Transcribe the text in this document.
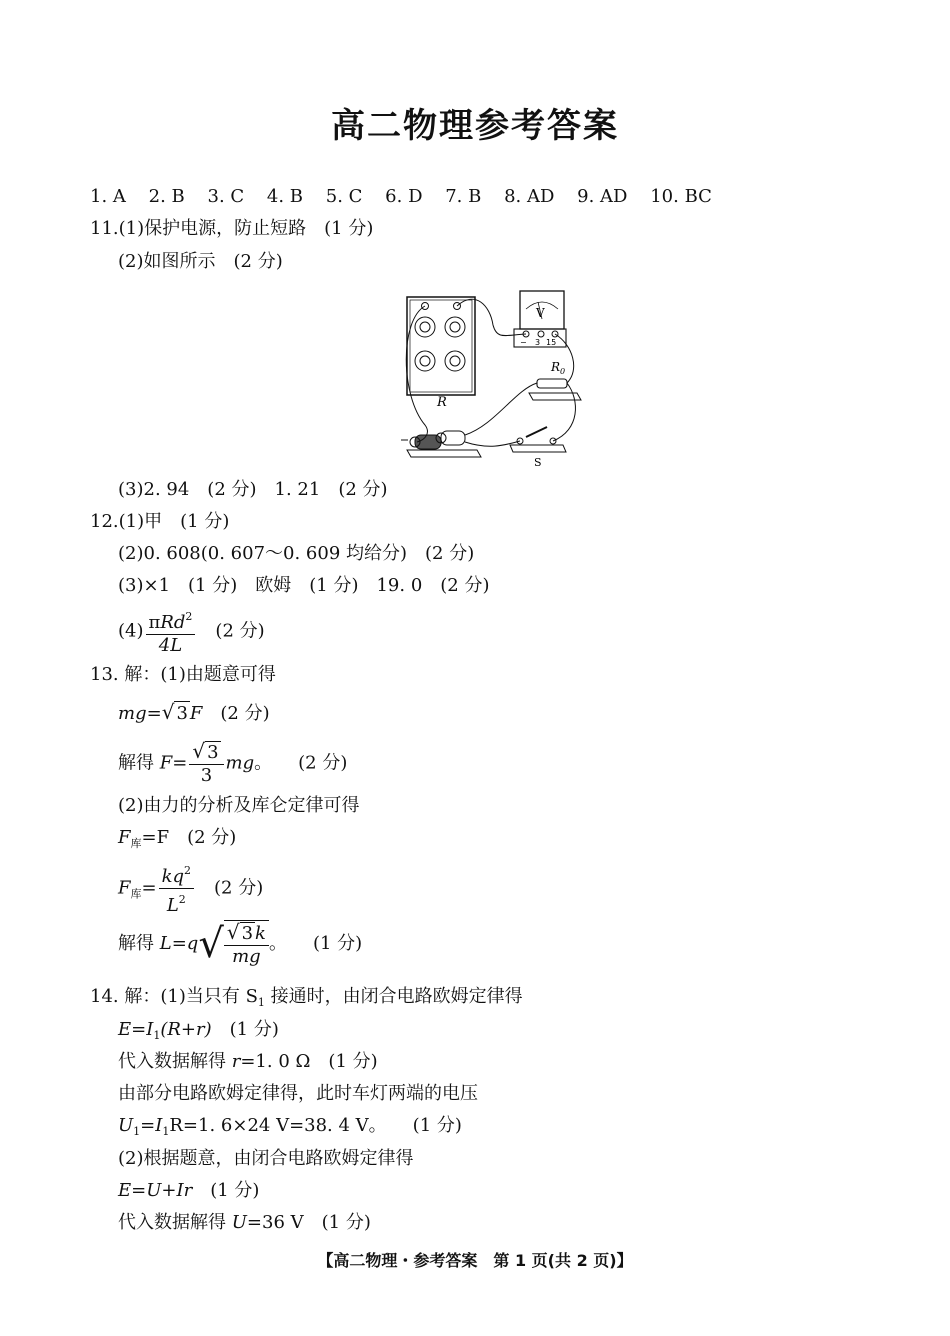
高二物理参考答案
1. A 2. B 3. C 4. B 5. C 6. D 7. B 8. AD 9. AD 10. BC
11.(1)保护电源，防止短路 (1 分)
(2)如图所示 (2 分)
R
V
− 3 15
$R_0$
S
(3)2. 94 (2 分) 1. 21 (2 分)
12.(1)甲 (1 分)
(2)0. 608(0. 607～0. 609 均给分) (2 分)
(3)×1 (1 分) 欧姆 (1 分) 19. 0 (2 分)
$(4) \frac{\pi Rd^2}{4L} (2$ 分)
13. 解：(1)由题意可得
mg=√ 3 F (2 分)
解得 $F= \frac{√ 3}{3}$ mg。 (2 分)
(2)由力的分析及库仑定律可得
$F_库=F$ (2 分)
$F_库= \frac{kq^2}{L^2} (2$ 分)
解得 $L=q√ \frac{√ 3 k}{mg}$ 。 (1 分)
14. 解：(1)当只有 $S_1$ 接通时，由闭合电路欧姆定律得
$E=I_1(R+r)$ (1 分)
代入数据解得 r=1. 0 Ω (1 分)
由部分电路欧姆定律得，此时车灯两端的电压
$U_1=I_1R=1$. 6×24 V=38. 4 V。 (1 分)
(2)根据题意，由闭合电路欧姆定律得
E=U+Ir (1 分)
代入数据解得 U=36 V (1 分)
【高二物理・参考答案　第 1 页(共 2 页)】
